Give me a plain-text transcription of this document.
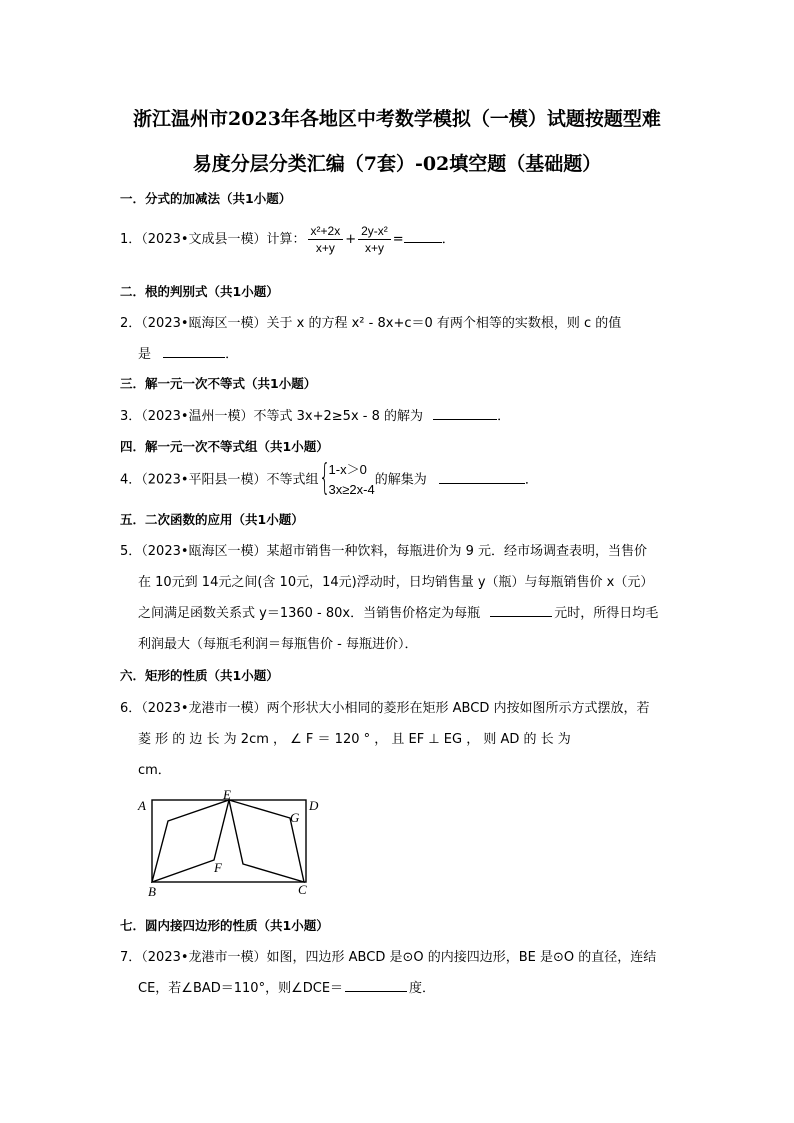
浙江温州市2023年各地区中考数学模拟（一模）试题按题型难
易度分层分类汇编（7套）-02填空题（基础题）
一．分式的加减法（共1小题）
1．（2023•文成县一模）计算： $\frac{\text{x²+2x}}{x+y} + \frac{\text{2y-x²}}{x+y}$ =	．
二．根的判别式（共1小题）
2．（2023•瓯海区一模）关于 x 的方程 x² - 8x+c＝0 有两个相等的实数根，则 c 的值
是	．
三．解一元一次不等式（共1小题）
3．（2023•温州一模）不等式 3x+2≥5x - 8 的解为	．
四．解一元一次不等式组（共1小题）
4．（2023•平阳县一模）不等式组 {
1-x＞0
3x≥2x-4
的解集为	．
五．二次函数的应用（共1小题）
5．（2023•瓯海区一模）某超市销售一种饮料，每瓶进价为 9 元．经市场调查表明，当售价
在 10元到 14元之间(含 10元，14元)浮动时，日均销售量 y（瓶）与每瓶销售价 x（元）
之间满足函数关系式 y＝1360 - 80x．当销售价格定为每瓶	元时，所得日均毛
利润最大（每瓶毛利润＝每瓶售价 - 每瓶进价）．
六．矩形的性质（共1小题）
6．（2023•龙港市一模）两个形状大小相同的菱形在矩形 ABCD 内按如图所示方式摆放，若
菱 形 的 边 长 为 2cm ， ∠ F ＝ 120 ° ， 且 EF ⊥ EG ， 则 AD 的 长 为
cm．
A
E
D
G
F
B	C
七．圆内接四边形的性质（共1小题）
7．（2023•龙港市一模）如图，四边形 ABCD 是⊙O 的内接四边形，BE 是⊙O 的直径，连结
CE，若∠BAD＝110°，则∠DCE＝	度．
